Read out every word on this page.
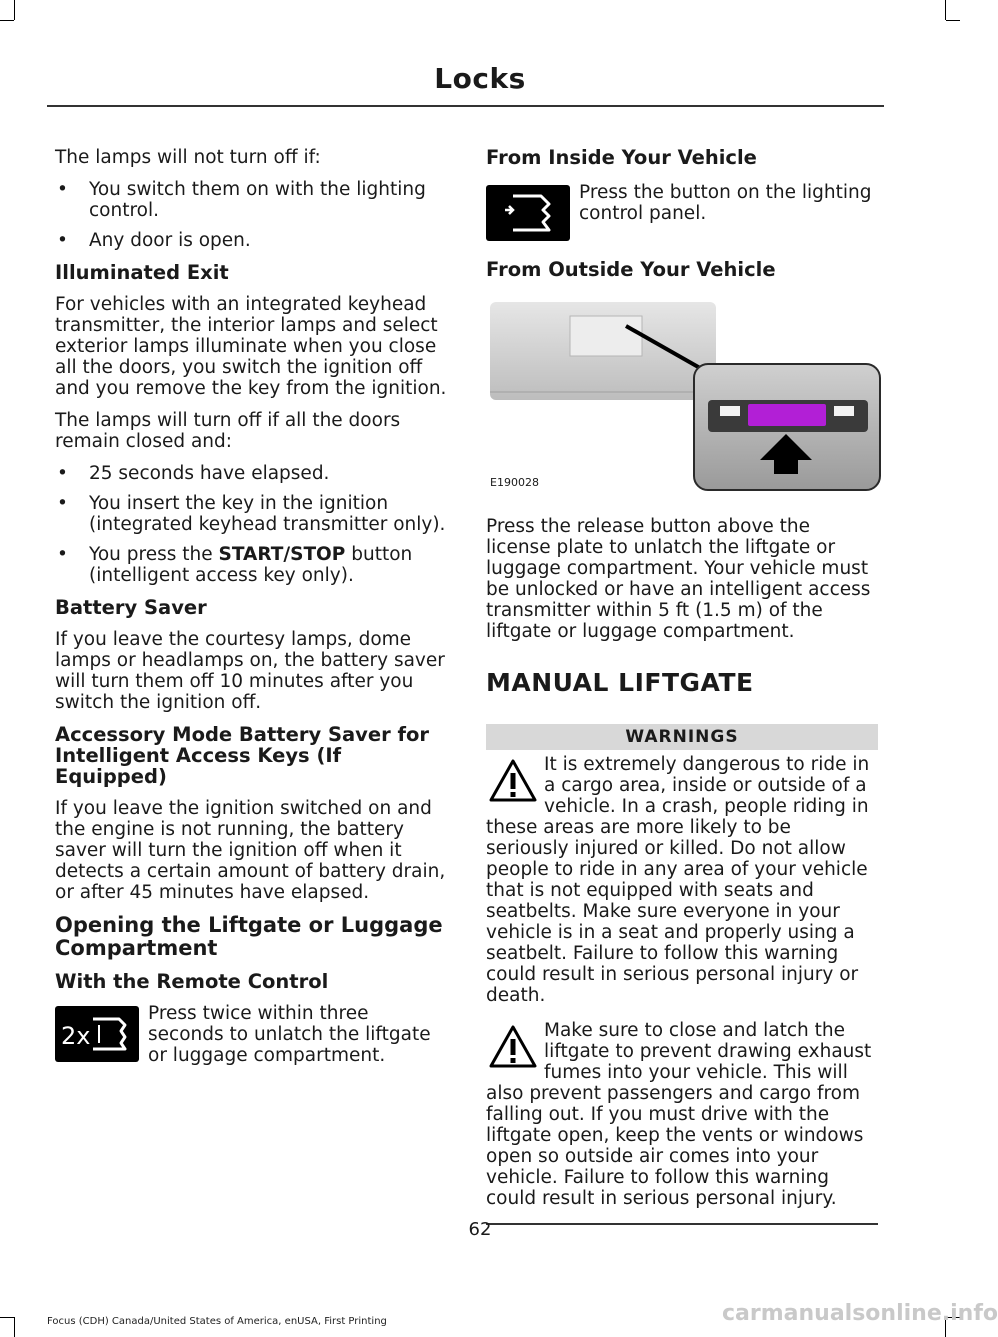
Locks

The lamps will not turn off if:

• You switch them on with the lighting control.
• Any door is open.
Illuminated Exit

For vehicles with an integrated keyhead transmitter, the interior lamps and select exterior lamps illuminate when you close all the doors, you switch the ignition off and you remove the key from the ignition.

The lamps will turn off if all the doors remain closed and:

• 25 seconds have elapsed.
• You insert the key in the ignition (integrated keyhead transmitter only).
• You press the START/STOP button (intelligent access key only).
Battery Saver

If you leave the courtesy lamps, dome lamps or headlamps on, the battery saver will turn them off 10 minutes after you switch the ignition off.

Accessory Mode Battery Saver for Intelligent Access Keys (If Equipped)

If you leave the ignition switched on and the engine is not running, the battery saver will turn the ignition off when it detects a certain amount of battery drain, or after 45 minutes have elapsed.

Opening the Liftgate or Luggage Compartment
With the Remote Control
2x
Press twice within three seconds to unlatch the liftgate or luggage compartment.
From Inside Your Vehicle
Press the button on the lighting control panel.
From Outside Your Vehicle
E190028

Press the release button above the license plate to unlatch the liftgate or luggage compartment. Your vehicle must be unlocked or have an intelligent access transmitter within 5 ft (1.5 m) of the liftgate or luggage compartment.

MANUAL LIFTGATE
WARNINGS
It is extremely dangerous to ride in a cargo area, inside or outside of a vehicle. In a crash, people riding in these areas are more likely to be seriously injured or killed. Do not allow people to ride in any area of your vehicle that is not equipped with seats and seatbelts. Make sure everyone in your vehicle is in a seat and properly using a seatbelt. Failure to follow this warning could result in serious personal injury or death.
Make sure to close and latch the liftgate to prevent drawing exhaust fumes into your vehicle. This will also prevent passengers and cargo from falling out. If you must drive with the liftgate open, keep the vents or windows open so outside air comes into your vehicle. Failure to follow this warning could result in serious personal injury.
62
Focus (CDH) Canada/United States of America, enUSA, First Printing	carmanualsonline.info
